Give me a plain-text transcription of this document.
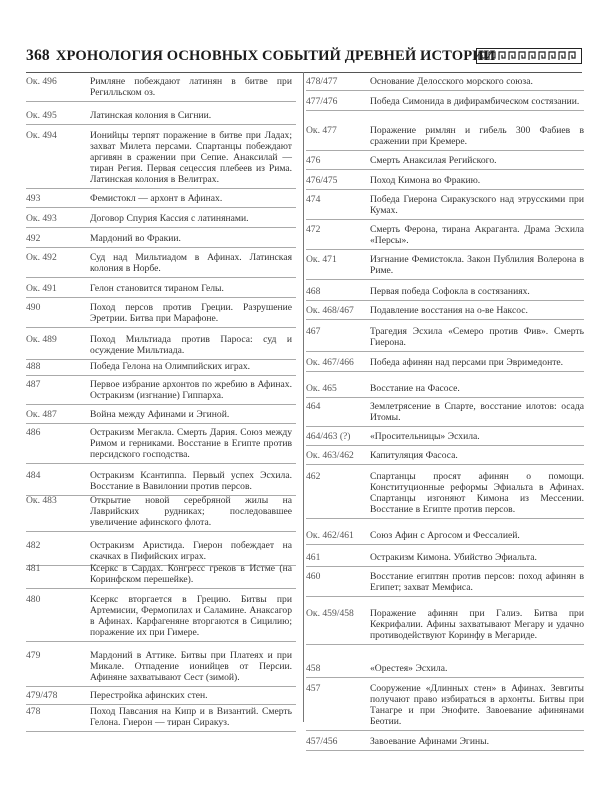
368 ХРОНОЛОГИЯ ОСНОВНЫХ СОБЫТИЙ ДРЕВНЕЙ ИСТОРИИ
Ок. 496	Римляне побеждают латинян в битве при Регилльском оз.
Ок. 495	Латинская колония в Сигнии.
Ок. 494	Ионийцы терпят поражение в битве при Ладах; захват Милета персами. Спартанцы побеждают аргивян в сражении при Сепие. Анаксилай — тиран Регия. Первая сецессия плебеев из Рима. Латинская колония в Велитрах.
493	Фемистокл — архонт в Афинах.
Ок. 493	Договор Спурия Кассия с латинянами.
492	Мардоний во Фракии.
Ок. 492	Суд над Мильтиадом в Афинах. Латинская колония в Норбе.
Ок. 491	Гелон становится тираном Гелы.
490	Поход персов против Греции. Разрушение Эретрии. Битва при Марафоне.
Ок. 489	Поход Мильтиада против Пароса: суд и осуждение Мильтиада.
488	Победа Гелона на Олимпийских играх.
487	Первое избрание архонтов по жребию в Афинах. Остракизм (изгнание) Гиппарха.
Ок. 487	Война между Афинами и Эгиной.
486	Остракизм Мегакла. Смерть Дария. Союз между Римом и герниками. Восстание в Египте против персидского господства.
484	Остракизм Ксантиппа. Первый успех Эсхила. Восстание в Вавилонии против персов.
Ок. 483	Открытие новой серебряной жилы на Лаврийских рудниках; последовавшее увеличение афинского флота.
482	Остракизм Аристида. Гиерон побеждает на скачках в Пифийских играх.
481	Ксеркс в Сардах. Конгресс греков в Истме (на Коринфском перешейке).
480	Ксеркс вторгается в Грецию. Битвы при Артемисии, Фермопилах и Саламине. Анаксагор в Афинах. Карфагеняне вторгаются в Сицилию; поражение их при Гимере.
479	Мардоний в Аттике. Битвы при Платеях и при Микале. Отпадение ионийцев от Персии. Афиняне захватывают Сест (зимой).
479/478	Перестройка афинских стен.
478	Поход Павсания на Кипр и в Византий. Смерть Гелона. Гиерон — тиран Сиракуз.
478/477	Основание Делосского морского союза.
477/476	Победа Симонида в дифирамбическом состязании.
Ок. 477	Поражение римлян и гибель 300 Фабиев в сражении при Кремере.
476	Смерть Анаксилая Регийского.
476/475	Поход Кимона во Фракию.
474	Победа Гиерона Сиракузского над этрусскими при Кумах.
472	Смерть Ферона, тирана Акраганта. Драма Эсхила «Персы».
Ок. 471	Изгнание Фемистокла. Закон Публилия Волерона в Риме.
468	Первая победа Софокла в состязаниях.
Ок. 468/467	Подавление восстания на о-ве Наксос.
467	Трагедия Эсхила «Семеро против Фив». Смерть Гиерона.
Ок. 467/466	Победа афинян над персами при Эвримедонте.
Ок. 465	Восстание на Фасосе.
464	Землетрясение в Спарте, восстание илотов: осада Итомы.
464/463 (?)	«Просительницы» Эсхила.
Ок. 463/462	Капитуляция Фасоса.
462	Спартанцы просят афинян о помощи. Конституционные реформы Эфиальта в Афинах. Спартанцы изгоняют Кимона из Мессении. Восстание в Египте против персов.
Ок. 462/461	Союз Афин с Аргосом и Фессалией.
461	Остракизм Кимона. Убийство Эфиальта.
460	Восстание египтян против персов: поход афинян в Египет; захват Мемфиса.
Ок. 459/458	Поражение афинян при Галиэ. Битва при Кекрифалии. Афины захватывают Мегару и удачно противодействуют Коринфу в Мегариде.
458	«Орестея» Эсхила.
457	Сооружение «Длинных стен» в Афинах. Зевгиты получают право избираться в архонты. Битвы при Танагре и при Энофите. Завоевание афинянами Беотии.
457/456	Завоевание Афинами Эгины.
